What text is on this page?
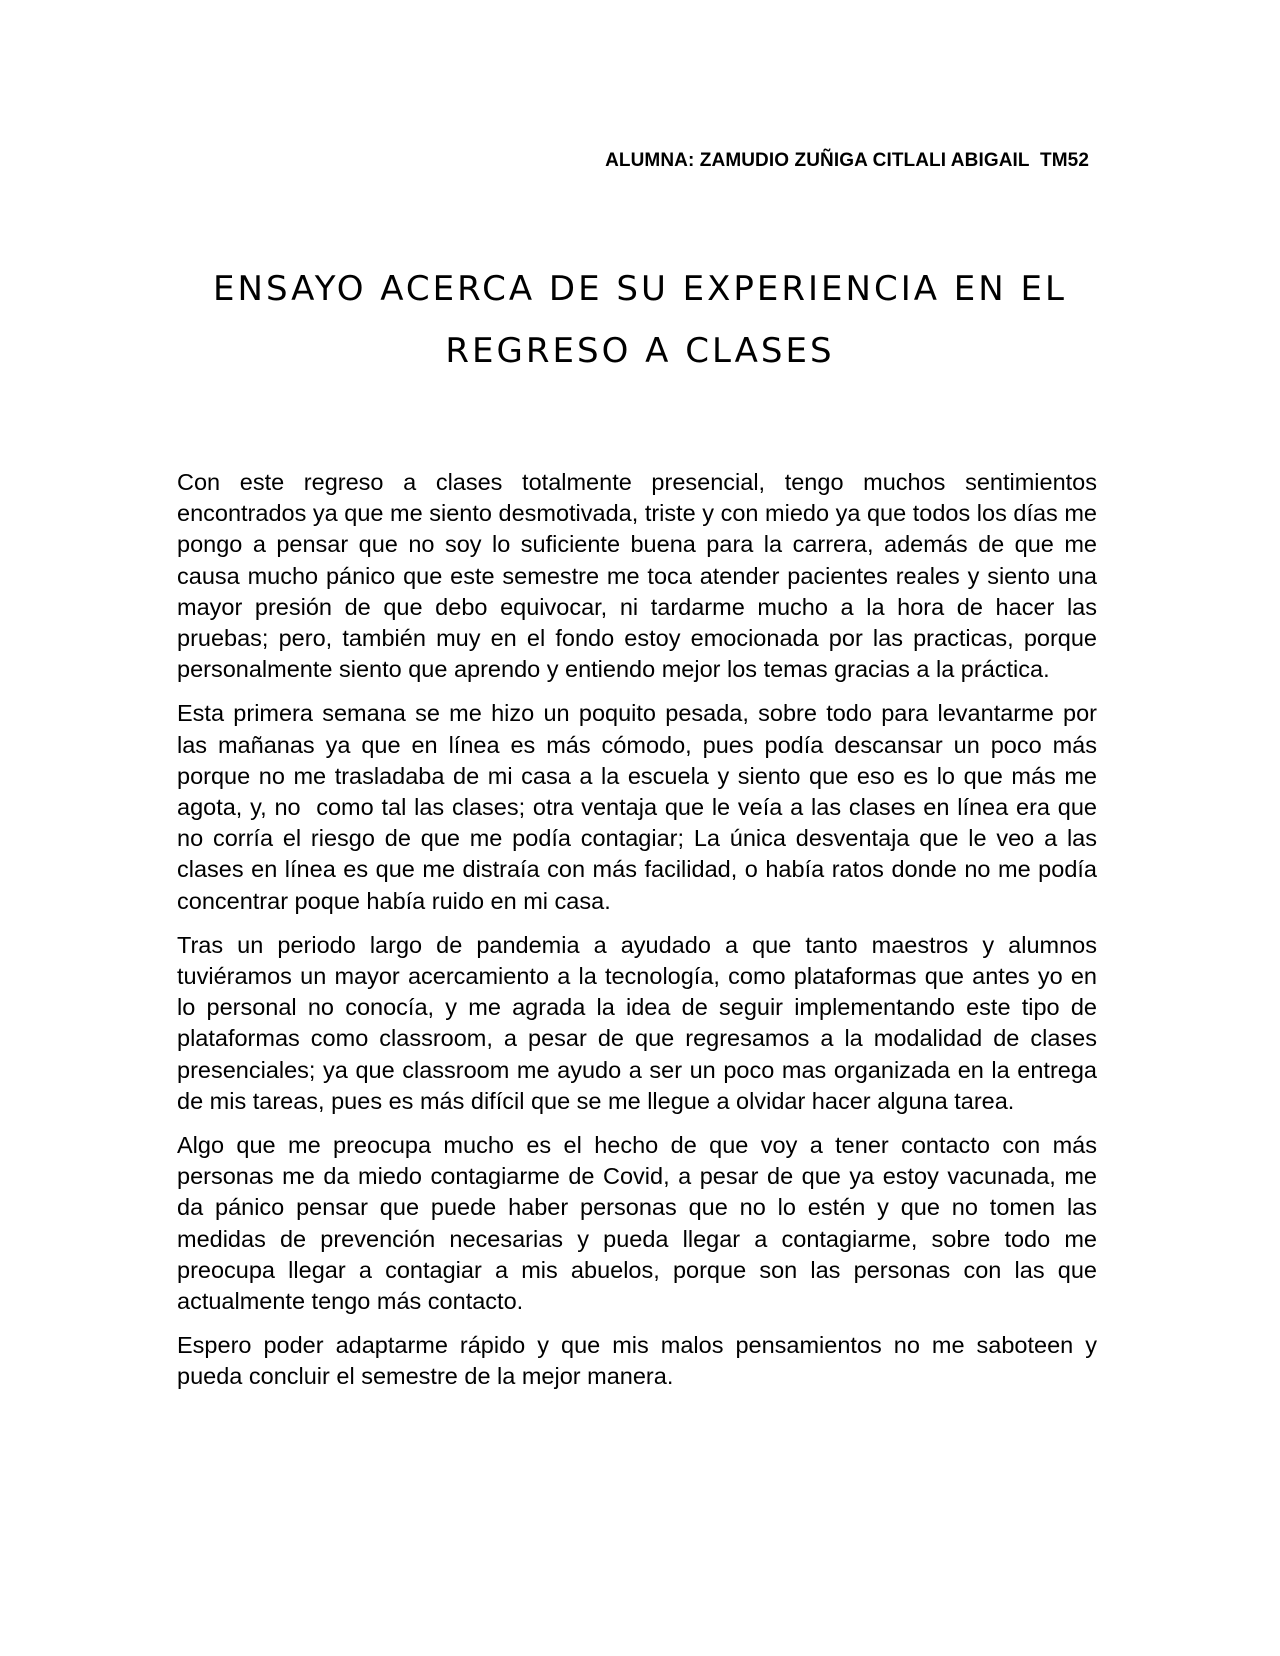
ALUMNA: ZAMUDIO ZUÑIGA CITLALI ABIGAIL  TM52
ENSAYO ACERCA DE SU EXPERIENCIA EN EL
REGRESO A CLASES

Con este regreso a clases totalmente presencial, tengo muchos sentimientos encontrados ya que me siento desmotivada, triste y con miedo ya que todos los días me pongo a pensar que no soy lo suficiente buena para la carrera, además de que me causa mucho pánico que este semestre me toca atender pacientes reales y siento una mayor presión de que debo equivocar, ni tardarme mucho a la hora de hacer las pruebas; pero, también muy en el fondo estoy emocionada por las practicas, porque personalmente siento que aprendo y entiendo mejor los temas gracias a la práctica.

Esta primera semana se me hizo un poquito pesada, sobre todo para levantarme por las mañanas ya que en línea es más cómodo, pues podía descansar un poco más porque no me trasladaba de mi casa a la escuela y siento que eso es lo que más me agota, y, no  como tal las clases; otra ventaja que le veía a las clases en línea era que no corría el riesgo de que me podía contagiar; La única desventaja que le veo a las clases en línea es que me distraía con más facilidad, o había ratos donde no me podía concentrar poque había ruido en mi casa.

Tras un periodo largo de pandemia a ayudado a que tanto maestros y alumnos tuviéramos un mayor acercamiento a la tecnología, como plataformas que antes yo en lo personal no conocía, y me agrada la idea de seguir implementando este tipo de plataformas como classroom, a pesar de que regresamos a la modalidad de clases presenciales; ya que classroom me ayudo a ser un poco mas organizada en la entrega de mis tareas, pues es más difícil que se me llegue a olvidar hacer alguna tarea.

Algo que me preocupa mucho es el hecho de que voy a tener contacto con más personas me da miedo contagiarme de Covid, a pesar de que ya estoy vacunada, me da pánico pensar que puede haber personas que no lo estén y que no tomen las medidas de prevención necesarias y pueda llegar a contagiarme, sobre todo me preocupa llegar a contagiar a mis abuelos, porque son las personas con las que actualmente tengo más contacto.

Espero poder adaptarme rápido y que mis malos pensamientos no me saboteen y pueda concluir el semestre de la mejor manera.
